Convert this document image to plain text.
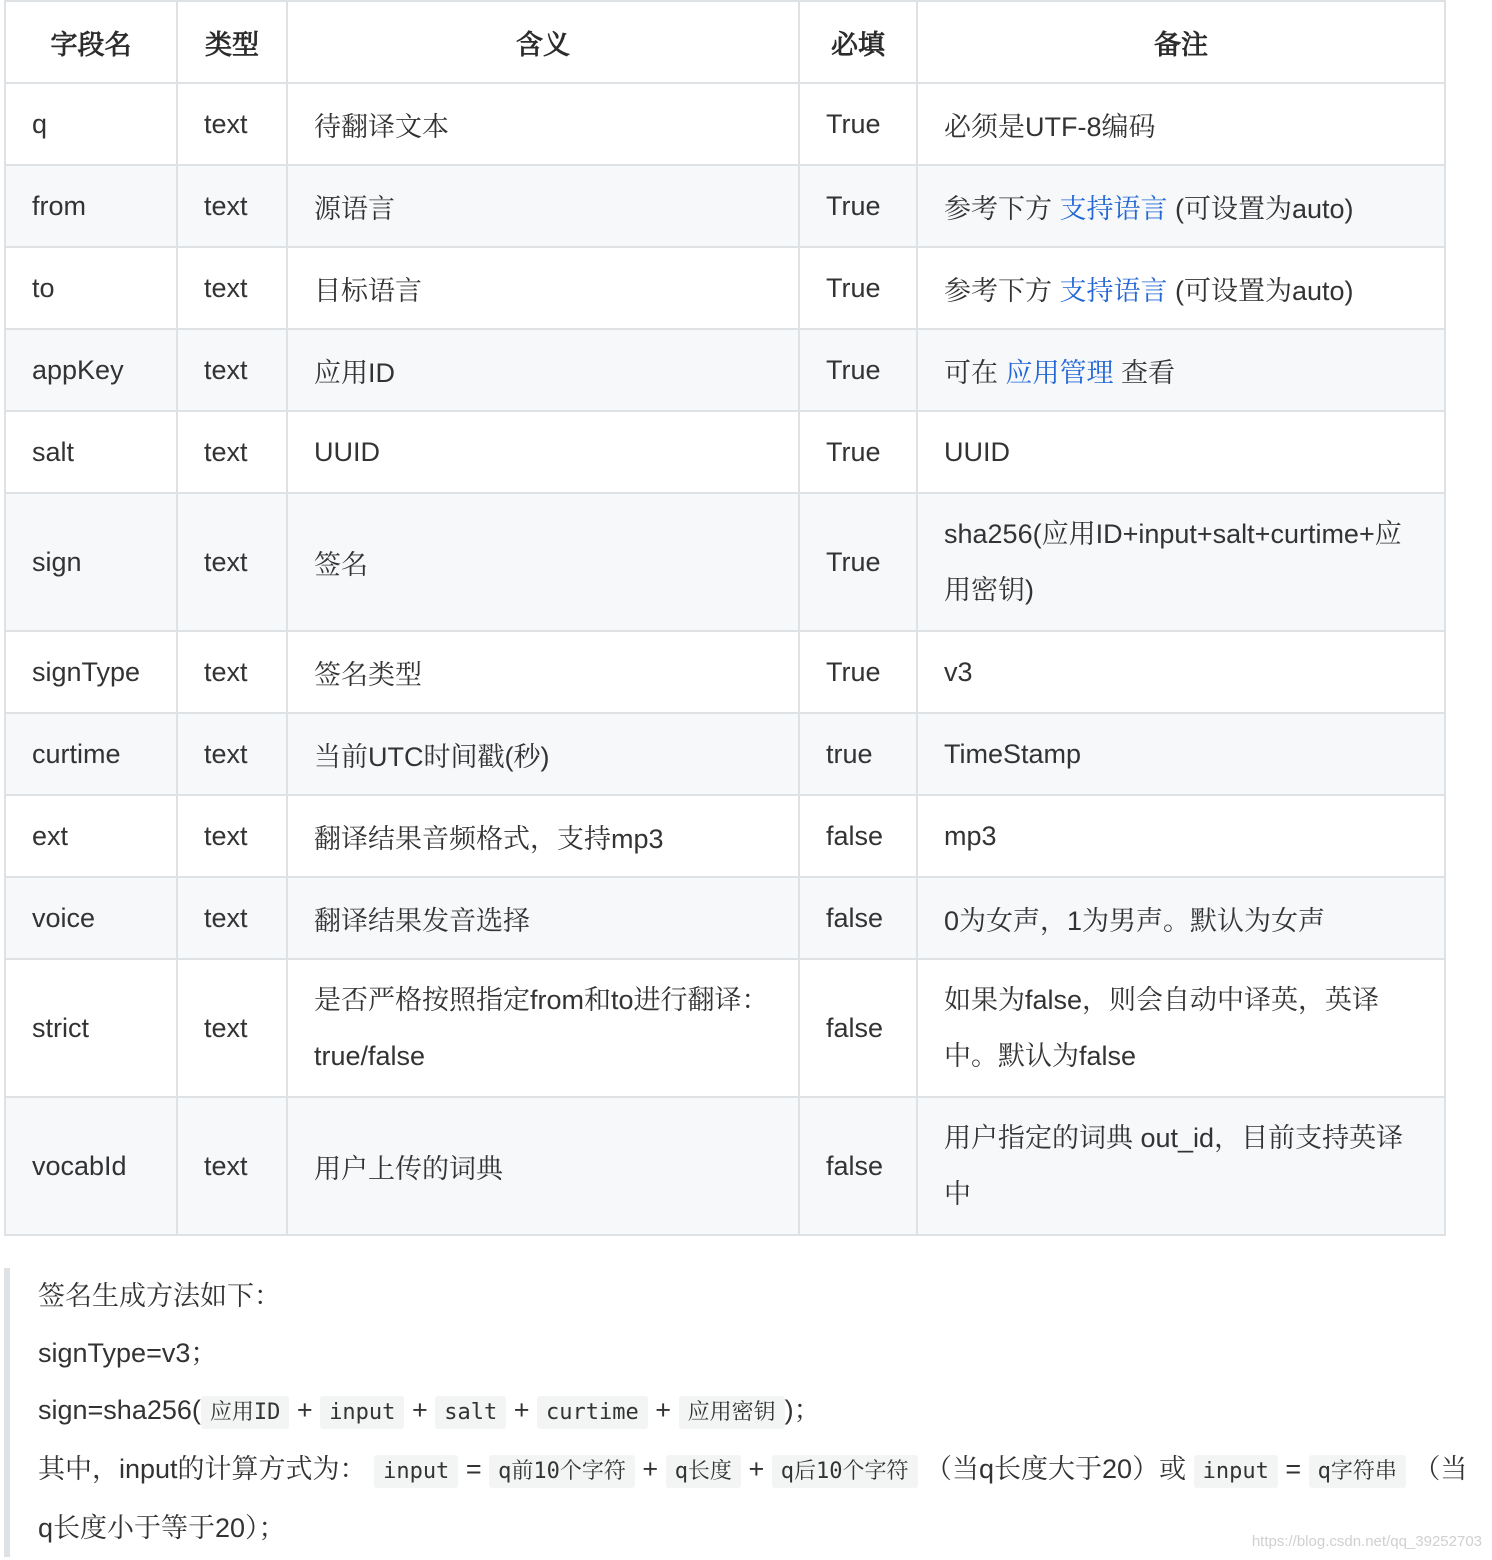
字段名	类型	含义	必填	备注
q	text	待翻译文本	True	必须是UTF-8编码
from	text	源语言	True	参考下方 支持语言 (可设置为auto)
to	text	目标语言	True	参考下方 支持语言 (可设置为auto)
appKey	text	应用ID	True	可在 应用管理 查看
salt	text	UUID	True	UUID
sign	text	签名	True	sha256(应用ID+input+salt+curtime+应用密钥)
signType	text	签名类型	True	v3
curtime	text	当前UTC时间戳(秒)	true	TimeStamp
ext	text	翻译结果音频格式，支持mp3	false	mp3
voice	text	翻译结果发音选择	false	0为女声，1为男声。默认为女声
strict	text	是否严格按照指定from和to进行翻译：true/false	false	如果为false，则会自动中译英，英译中。默认为false
vocabId	text	用户上传的词典	false	用户指定的词典 out_id，目前支持英译中

签名生成方法如下：

signType=v3；

sign=sha256( 应用ID + input + salt + curtime + 应用密钥 )；

其中，input的计算方式为： input = q前10个字符 + q长度 + q后10个字符 （当q长度大于20）或 input = q字符串 （当q长度小于等于20）；	https://blog.csdn.net/qq_39252703
